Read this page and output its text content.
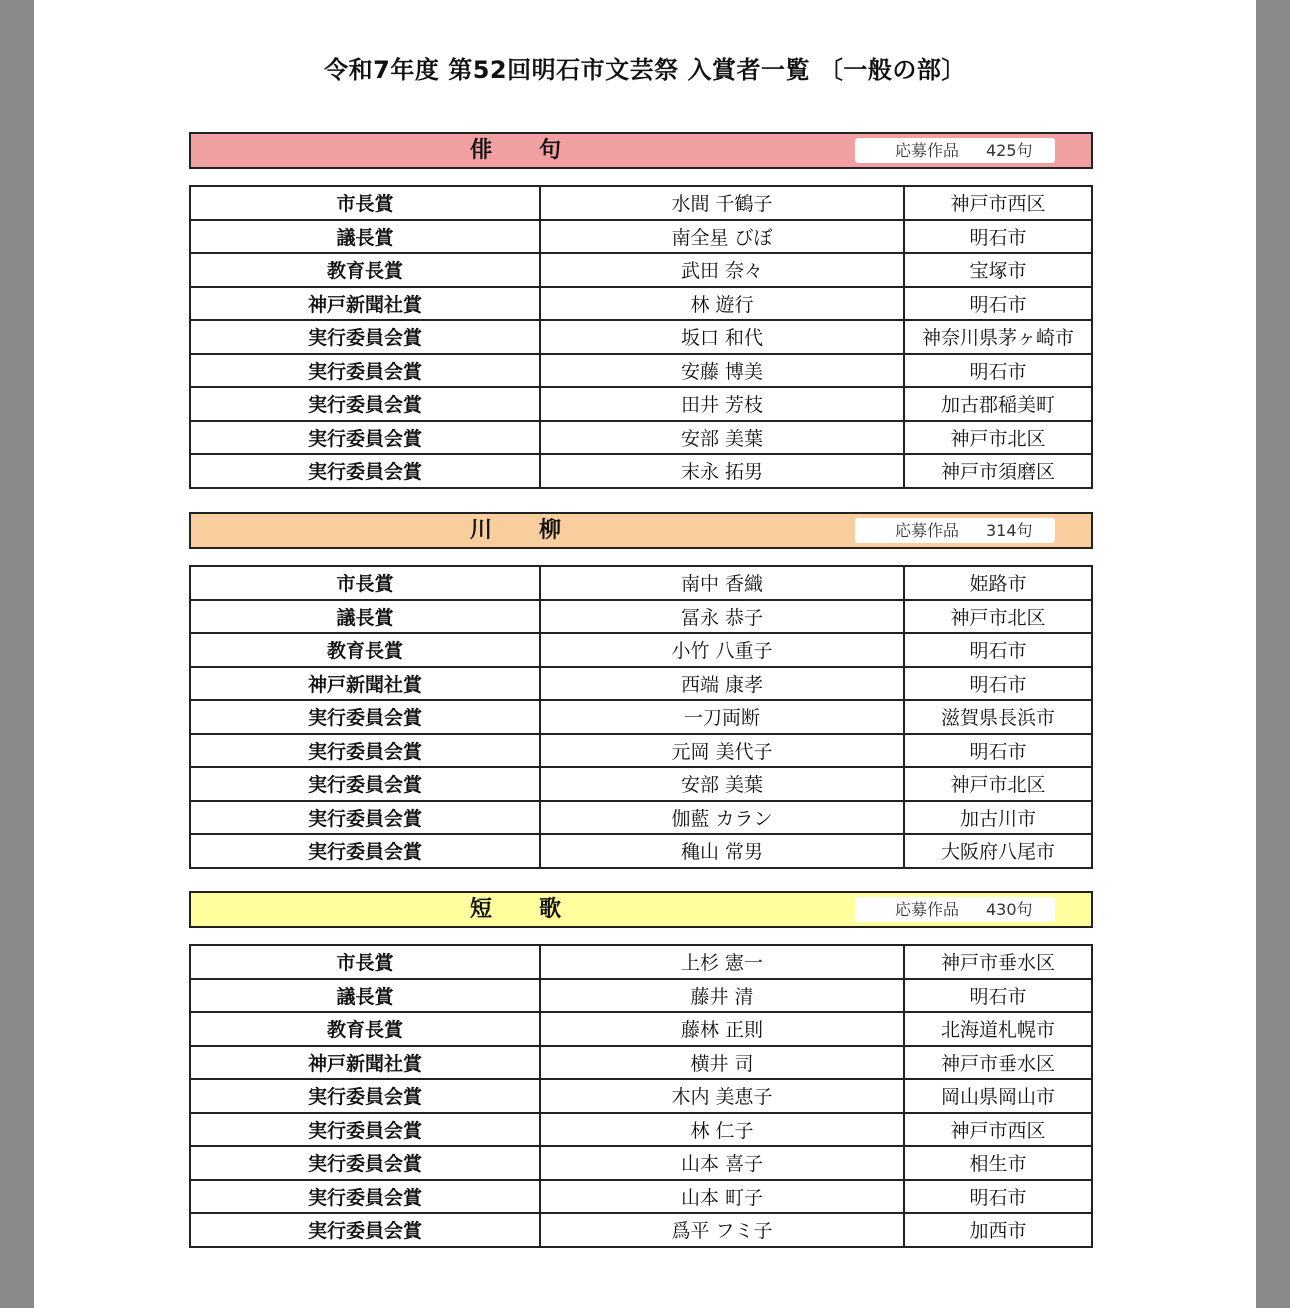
令和7年度 第52回明石市文芸祭 入賞者一覧 〔一般の部〕
俳　　句	応募作品 425句
市長賞	水間 千鶴子	神戸市西区
議長賞	南全星 びぼ	明石市
教育長賞	武田 奈々	宝塚市
神戸新聞社賞	林 遊行	明石市
実行委員会賞	坂口 和代	神奈川県茅ヶ崎市
実行委員会賞	安藤 博美	明石市
実行委員会賞	田井 芳枝	加古郡稲美町
実行委員会賞	安部 美葉	神戸市北区
実行委員会賞	末永 拓男	神戸市須磨区
川　　柳	応募作品 314句
市長賞	南中 香織	姫路市
議長賞	冨永 恭子	神戸市北区
教育長賞	小竹 八重子	明石市
神戸新聞社賞	西端 康孝	明石市
実行委員会賞	一刀両断	滋賀県長浜市
実行委員会賞	元岡 美代子	明石市
実行委員会賞	安部 美葉	神戸市北区
実行委員会賞	伽藍 カラン	加古川市
実行委員会賞	穐山 常男	大阪府八尾市
短　　歌	応募作品 430句
市長賞	上杉 憲一	神戸市垂水区
議長賞	藤井 清	明石市
教育長賞	藤林 正則	北海道札幌市
神戸新聞社賞	横井 司	神戸市垂水区
実行委員会賞	木内 美恵子	岡山県岡山市
実行委員会賞	林 仁子	神戸市西区
実行委員会賞	山本 喜子	相生市
実行委員会賞	山本 町子	明石市
実行委員会賞	爲平 フミ子	加西市
